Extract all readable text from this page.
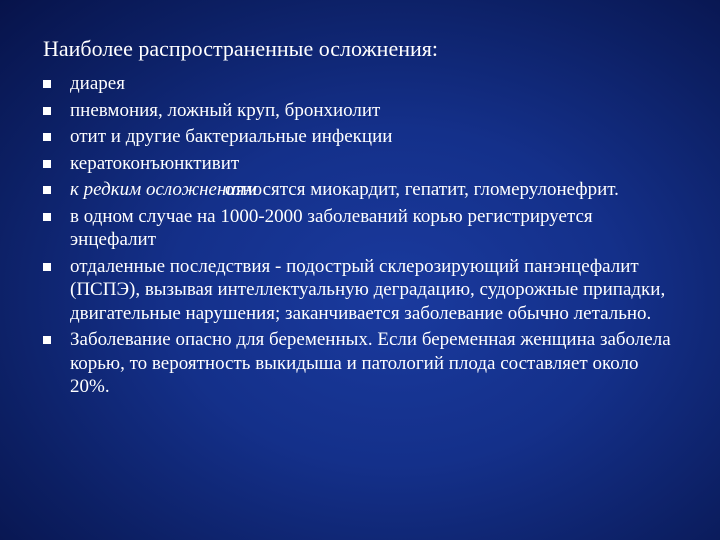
Наиболее распространенные осложнения:
диарея
пневмония, ложный круп, бронхиолит
отит и другие бактериальные инфекции
кератоконъюнктивит
к редким осложнениямотносятся миокардит, гепатит, гломерулонефрит.
в одном случае на 1000-2000 заболеваний корью регистрируется энцефалит
отдаленные последствия - подострый склерозирующий панэнцефалит (ПСПЭ), вызывая интеллектуальную деградацию, судорожные припадки, двигательные нарушения; заканчивается заболевание обычно летально.
Заболевание опасно для беременных. Если беременная женщина заболела корью, то вероятность выкидыша и патологий плода составляет около 20%.
